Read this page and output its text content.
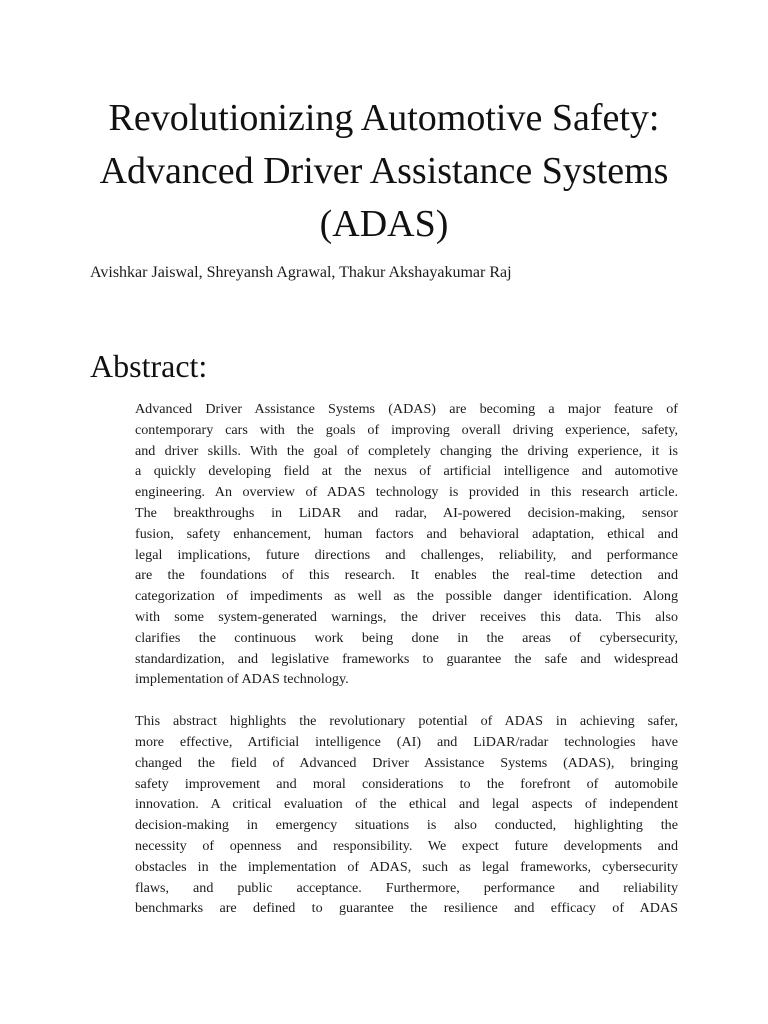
Revolutionizing Automotive Safety:
Advanced Driver Assistance Systems
(ADAS)

Avishkar Jaiswal, Shreyansh Agrawal, Thakur Akshayakumar Raj

Abstract:

Advanced Driver Assistance Systems (ADAS) are becoming a major feature of
contemporary cars with the goals of improving overall driving experience, safety,
and driver skills. With the goal of completely changing the driving experience, it is
a quickly developing field at the nexus of artificial intelligence and automotive
engineering. An overview of ADAS technology is provided in this research article.
The breakthroughs in LiDAR and radar, AI-powered decision-making, sensor
fusion, safety enhancement, human factors and behavioral adaptation, ethical and
legal implications, future directions and challenges, reliability, and performance
are the foundations of this research. It enables the real-time detection and
categorization of impediments as well as the possible danger identification. Along
with some system-generated warnings, the driver receives this data. This also
clarifies the continuous work being done in the areas of cybersecurity,
standardization, and legislative frameworks to guarantee the safe and widespread
implementation of ADAS technology.

This abstract highlights the revolutionary potential of ADAS in achieving safer,
more effective, Artificial intelligence (AI) and LiDAR/radar technologies have
changed the field of Advanced Driver Assistance Systems (ADAS), bringing
safety improvement and moral considerations to the forefront of automobile
innovation. A critical evaluation of the ethical and legal aspects of independent
decision-making in emergency situations is also conducted, highlighting the
necessity of openness and responsibility. We expect future developments and
obstacles in the implementation of ADAS, such as legal frameworks, cybersecurity
flaws, and public acceptance. Furthermore, performance and reliability
benchmarks are defined to guarantee the resilience and efficacy of ADAS
